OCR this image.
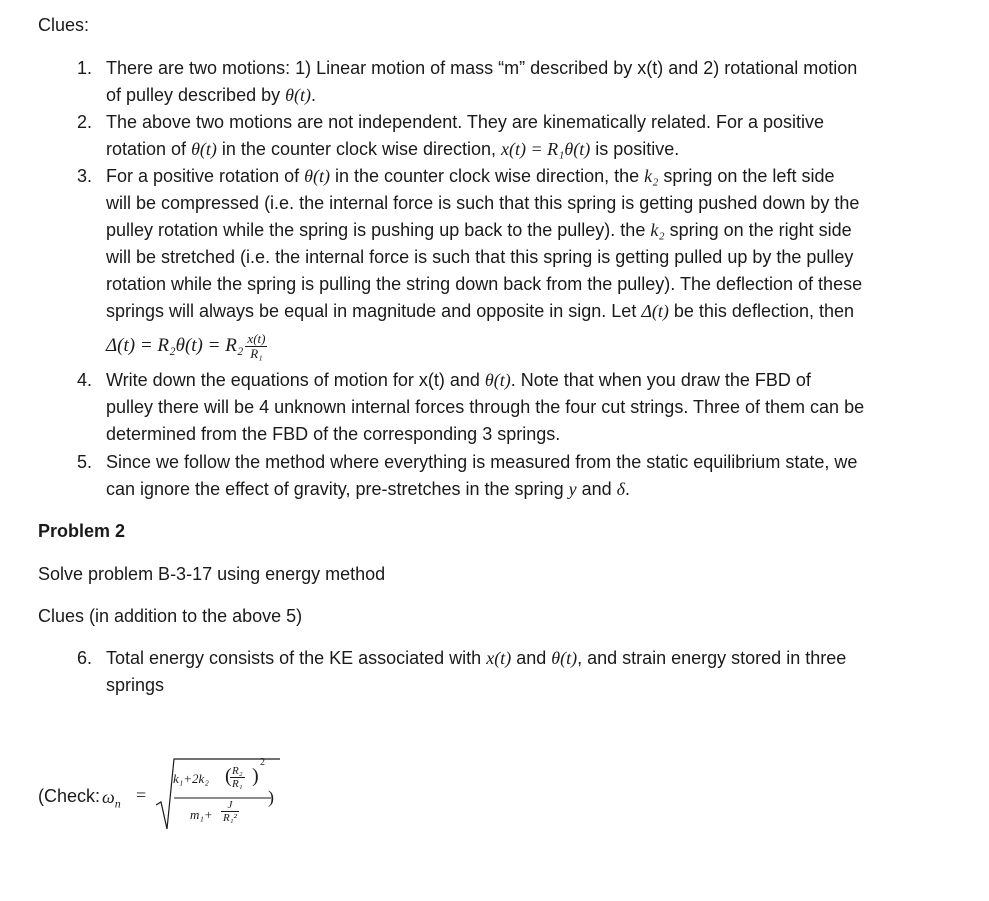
Clues:
1. There are two motions: 1) Linear motion of mass “m” described by x(t) and 2) rotational motion
of pulley described by θ(t).
2. The above two motions are not independent. They are kinematically related. For a positive
rotation of θ(t) in the counter clock wise direction, x(t) = R₁θ(t) is positive.
3. For a positive rotation of θ(t) in the counter clock wise direction, the k₂ spring on the left side
will be compressed (i.e. the internal force is such that this spring is getting pushed down by the
pulley rotation while the spring is pushing up back to the pulley). the k₂ spring on the right side
will be stretched (i.e. the internal force is such that this spring is getting pulled up by the pulley
rotation while the spring is pulling the string down back from the pulley). The deflection of these
springs will always be equal in magnitude and opposite in sign. Let Δ(t) be this deflection, then
$\Delta(t) = R_2\theta(t) = R_2 \frac{x(t)}{\text{R₁}}$
4. Write down the equations of motion for x(t) and θ(t). Note that when you draw the FBD of
pulley there will be 4 unknown internal forces through the four cut strings. Three of them can be
determined from the FBD of the corresponding 3 springs.
5. Since we follow the method where everything is measured from the static equilibrium state, we
can ignore the effect of gravity, pre-stretches in the spring y and δ.
Problem 2
Solve problem B-3-17 using energy method
Clues (in addition to the above 5)
6. Total energy consists of the KE associated with x(t) and θ(t), and strain energy stored in three
springs
(Check: $\omega_n$ =
k₁+2k₂ (
$\frac{\text{R₂}}{\text{R₁}}$ )
2
$m_1+ \frac{J}{\text{R₁²}}$
)
